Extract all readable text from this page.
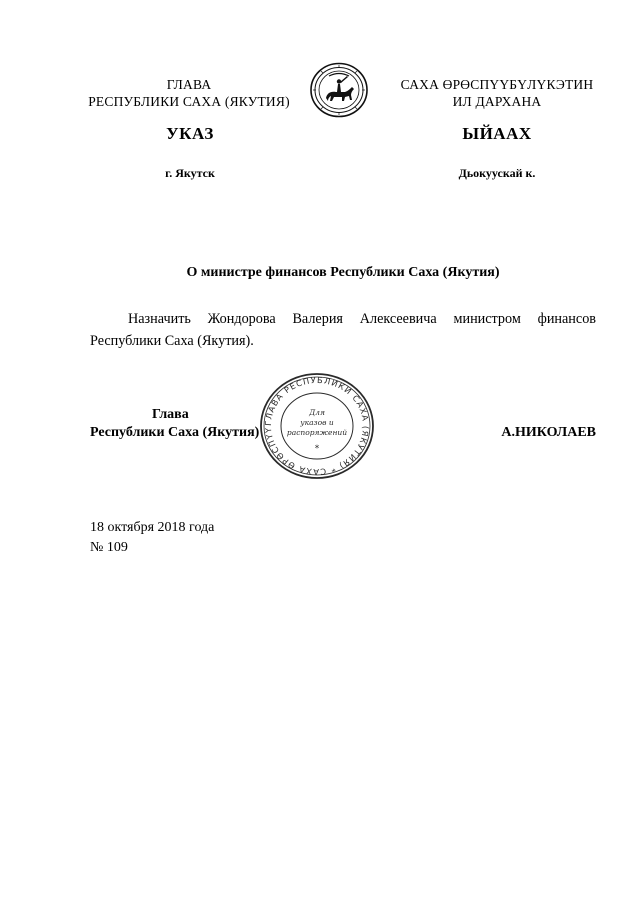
ГЛАВА
РЕСПУБЛИКИ САХА (ЯКУТИЯ)
САХА ӨРӨСПҮҮБҮЛҮКЭТИН
ИЛ ДАРХАНА
УКАЗ	ЫЙААХ
г. Якутск	Дьокуускай к.
О министре финансов Республики Саха (Якутия)
Назначить Жондорова Валерия Алексеевича министром финансов Республики Саха (Якутия).
ГЛАВА РЕСПУБЛИКИ САХА (ЯКУТИЯ) * САХА ӨРӨСПҮҮ
Для
указов и
распоряжений
*
Глава
Республики Саха (Якутия)	А.НИКОЛАЕВ
18 октября 2018 года
№ 109
